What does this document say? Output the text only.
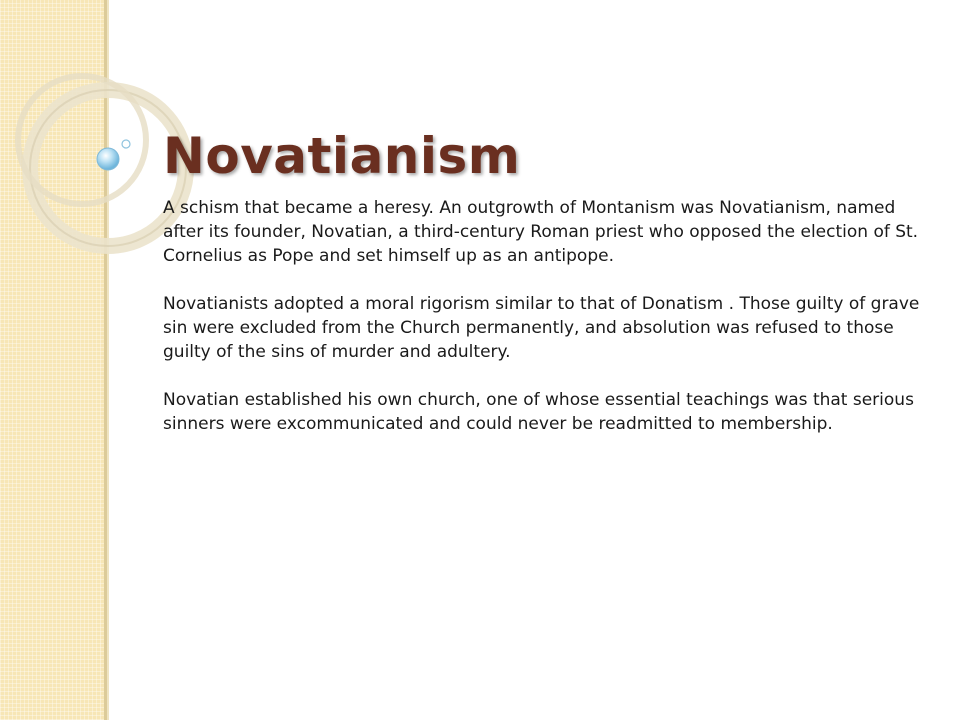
Novatianism

A schism that became a heresy. An outgrowth of Montanism was Novatianism, named after its founder, Novatian, a third-century Roman priest who opposed the election of St. Cornelius as Pope and set himself up as an antipope.

Novatianists adopted a moral rigorism similar to that of Donatism . Those guilty of grave sin were excluded from the Church permanently, and absolution was refused to those guilty of the sins of murder and adultery.

Novatian established his own church, one of whose essential teachings was that serious sinners were excommunicated and could never be readmitted to membership.
